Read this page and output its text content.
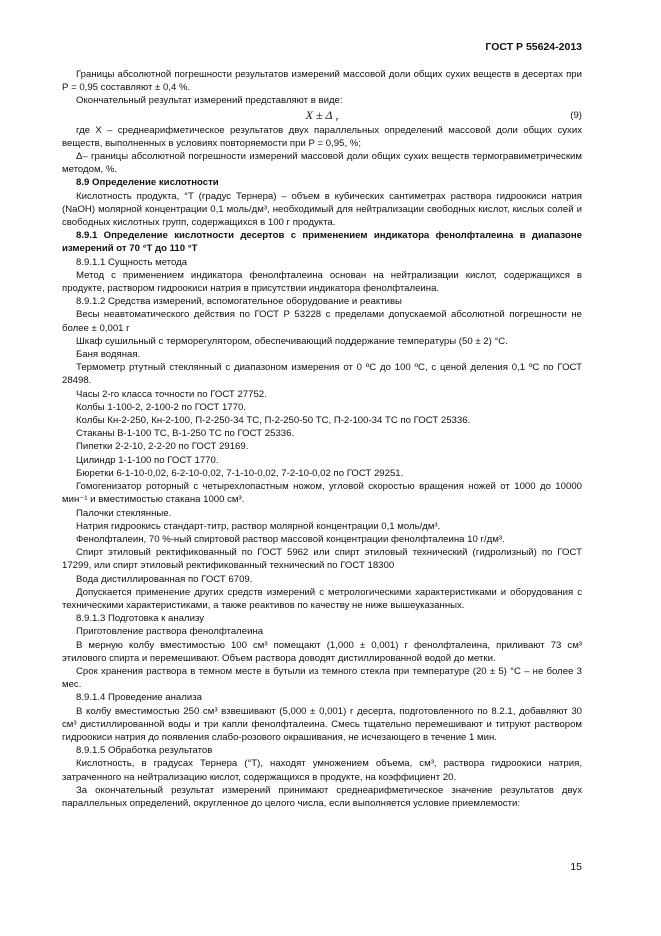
ГОСТ Р 55624-2013

Границы абсолютной погрешности результатов измерений массовой доли общих сухих веществ в десертах при Р = 0,95 составляют ± 0,4 %.

Окончательный результат измерений представляют в виде:

X ± Δ ,	(9)

где X – среднеарифметическое результатов двух параллельных определений массовой доли общих сухих веществ, выполненных в условиях повторяемости при Р = 0,95, %;

Δ– границы абсолютной погрешности измерений массовой доли общих сухих веществ термогравиметрическим методом, %.

8.9 Определение кислотности

Кислотность продукта, °Т (градус Тернера) – объем в кубических сантиметрах раствора гидроокиси натрия (NaOH) молярной концентрации 0,1 моль/дм³, необходимый для нейтрализации свободных кислот, кислых солей и свободных кислотных групп, содержащихся в 100 г продукта.

8.9.1 Определение кислотности десертов с применением индикатора фенолфталеина в диапазоне измерений от 70 °Т до 110 °Т

8.9.1.1 Сущность метода

Метод с применением индикатора фенолфталеина основан на нейтрализации кислот, содержащихся в продукте, раствором гидроокиси натрия в присутствии индикатора фенолфталеина.

8.9.1.2 Средства измерений, вспомогательное оборудование и реактивы

Весы неавтоматического действия по ГОСТ Р 53228 с пределами допускаемой абсолютной погрешности не более ± 0,001 г

Шкаф сушильный с терморегулятором, обеспечивающий поддержание температуры (50 ± 2) °С.

Баня водяная.

Термометр ртутный стеклянный с диапазоном измерения от 0 ºС до 100 ºС, с ценой деления 0,1 ºС по ГОСТ 28498.

Часы 2-го класса точности по ГОСТ 27752.

Колбы 1-100-2, 2-100-2 по ГОСТ 1770.

Колбы Кн-2-250, Кн-2-100, П-2-250-34 ТС, П-2-250-50 ТС, П-2-100-34 ТС по ГОСТ 25336.

Стаканы В-1-100 ТС, В-1-250 ТС по ГОСТ 25336.

Пипетки 2-2-10, 2-2-20 по ГОСТ 29169.

Цилиндр 1-1-100 по ГОСТ 1770.

Бюретки 6-1-10-0,02, 6-2-10-0,02, 7-1-10-0,02, 7-2-10-0,02 по ГОСТ 29251.

Гомогенизатор роторный с четырехлопастным ножом, угловой скоростью вращения ножей от 1000 до 10000 мин⁻¹ и вместимостью стакана 1000 см³.

Палочки стеклянные.

Натрия гидроокись стандарт-титр, раствор молярной концентрации 0,1 моль/дм³.

Фенолфталеин, 70 %-ный спиртовой раствор массовой концентрации фенолфталеина 10 г/дм³.

Спирт этиловый ректификованный по ГОСТ 5962 или спирт этиловый технический (гидролизный) по ГОСТ 17299, или спирт этиловый ректификованный технический по ГОСТ 18300

Вода дистиллированная по ГОСТ 6709.

Допускается применение других средств измерений с метрологическими характеристиками и оборудования с техническими характеристиками, а также реактивов по качеству не ниже вышеуказанных.

8.9.1.3 Подготовка к анализу

Приготовление раствора фенолфталеина

В мерную колбу вместимостью 100 см³ помещают (1,000 ± 0,001) г фенолфталеина, приливают 73 см³ этилового спирта и перемешивают. Объем раствора доводят дистиллированной водой до метки.

Срок хранения раствора в темном месте в бутыли из темного стекла при температуре (20 ± 5) °С – не более 3 мес.

8.9.1.4 Проведение анализа

В колбу вместимостью 250 см³ взвешивают (5,000 ± 0,001) г десерта, подготовленного по 8.2.1, добавляют 30 см³ дистиллированной воды и три капли фенолфталеина. Смесь тщательно перемешивают и титруют раствором гидроокиси натрия до появления слабо-розового окрашивания, не исчезающего в течение 1 мин.

8.9.1.5 Обработка результатов

Кислотность, в градусах Тернера (°Т), находят умножением объема, см³, раствора гидроокиси натрия, затраченного на нейтрализацию кислот, содержащихся в продукте, на коэффициент 20.

За окончательный результат измерений принимают среднеарифметическое значение результатов двух параллельных определений, округленное до целого числа, если выполняется условие приемлемости:

15
